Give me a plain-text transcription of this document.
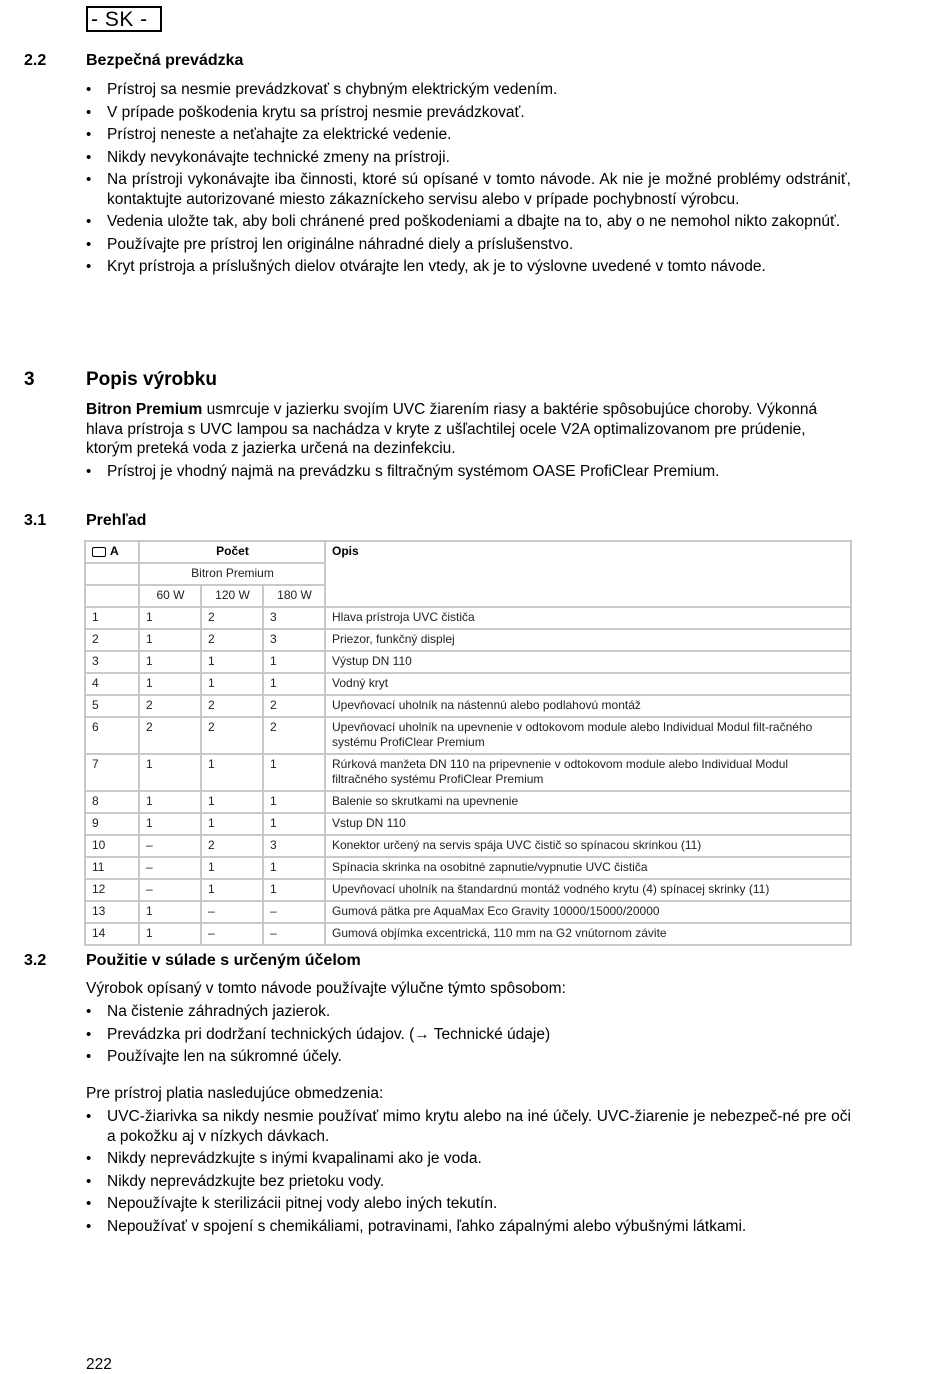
- SK -
2.2 Bezpečná prevádzka
• Prístroj sa nesmie prevádzkovať s chybným elektrickým vedením.
• V prípade poškodenia krytu sa prístroj nesmie prevádzkovať.
• Prístroj neneste a neťahajte za elektrické vedenie.
• Nikdy nevykonávajte technické zmeny na prístroji.
• Na prístroji vykonávajte iba činnosti, ktoré sú opísané v tomto návode. Ak nie je možné problémy odstrániť, kontaktujte autorizované miesto zákazníckeho servisu alebo v prípade pochybností výrobcu.
• Vedenia uložte tak, aby boli chránené pred poškodeniami a dbajte na to, aby o ne nemohol nikto zakopnúť.
• Používajte pre prístroj len originálne náhradné diely a príslušenstvo.
• Kryt prístroja a príslušných dielov otvárajte len vtedy, ak je to výslovne uvedené v tomto návode.
3	Popis výrobku
Bitron Premium usmrcuje v jazierku svojím UVC žiarením riasy a baktérie spôsobujúce choroby. Výkonná hlava prístroja s UVC lampou sa nachádza v kryte z ušľachtilej ocele V2A optimalizovanom pre prúdenie, ktorým preteká voda z jazierka určená na dezinfekciu.
• Prístroj je vhodný najmä na prevádzku s filtračným systémom OASE ProfiClear Premium.
3.1 Prehľad
A	Počet			Opis
	Bitron Premium			
	60 W	120 W	180 W	
1	1	2	3	Hlava prístroja UVC čističa
2	1	2	3	Priezor, funkčný displej
3	1	1	1	Výstup DN 110
4	1	1	1	Vodný kryt
5	2	2	2	Upevňovací uholník na nástennú alebo podlahovú montáž
6	2	2	2	Upevňovací uholník na upevnenie v odtokovom module alebo Individual Modul filt-račného systému ProfiClear Premium
7	1	1	1	Rúrková manžeta DN 110 na pripevnenie v odtokovom module alebo Individual Modul filtračného systému ProfiClear Premium
8	1	1	1	Balenie so skrutkami na upevnenie
9	1	1	1	Vstup DN 110
10	–	2	3	Konektor určený na servis spája UVC čistič so spínacou skrinkou (11)
11	–	1	1	Spínacia skrinka na osobitné zapnutie/vypnutie UVC čističa
12	–	1	1	Upevňovací uholník na štandardnú montáž vodného krytu (4) spínacej skrinky (11)
13	1	–	–	Gumová pätka pre AquaMax Eco Gravity 10000/15000/20000
14	1	–	–	Gumová objímka excentrická, 110 mm na G2 vnútornom závite
3.2 Použitie v súlade s určeným účelom
Výrobok opísaný v tomto návode používajte výlučne týmto spôsobom:
• Na čistenie záhradných jazierok.
• Prevádzka pri dodržaní technických údajov. (→ Technické údaje)
• Používajte len na súkromné účely.
Pre prístroj platia nasledujúce obmedzenia:
• UVC-žiarivka sa nikdy nesmie používať mimo krytu alebo na iné účely. UVC-žiarenie je nebezpeč-né pre oči a pokožku aj v nízkych dávkach.
• Nikdy neprevádzkujte s inými kvapalinami ako je voda.
• Nikdy neprevádzkujte bez prietoku vody.
• Nepoužívajte k sterilizácii pitnej vody alebo iných tekutín.
• Nepoužívať v spojení s chemikáliami, potravinami, ľahko zápalnými alebo výbušnými látkami.
222
